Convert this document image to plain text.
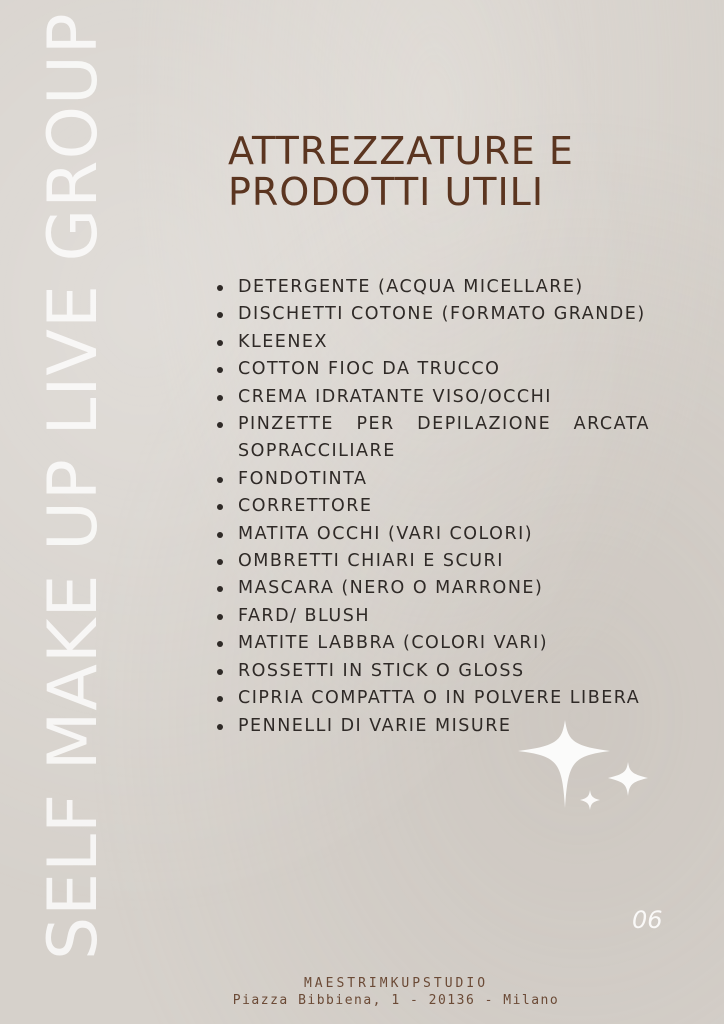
SELF MAKE UP LIVE GROUP	ATTREZZATURE E
PRODOTTI UTILI
DETERGENTE (ACQUA MICELLARE)
DISCHETTI COTONE (FORMATO GRANDE)
KLEENEX
COTTON FIOC DA TRUCCO
CREMA IDRATANTE VISO/OCCHI
PINZETTE PER DEPILAZIONE ARCATA SOPRACCILIARE
FONDOTINTA
CORRETTORE
MATITA OCCHI (VARI COLORI)
OMBRETTI CHIARI E SCURI
MASCARA (NERO O MARRONE)
FARD/ BLUSH
MATITE LABBRA (COLORI VARI)
ROSSETTI IN STICK O GLOSS
CIPRIA COMPATTA O IN POLVERE LIBERA
PENNELLI DI VARIE MISURE
06
MAESTRIMKUPSTUDIO
Piazza Bibbiena, 1 - 20136 - Milano
